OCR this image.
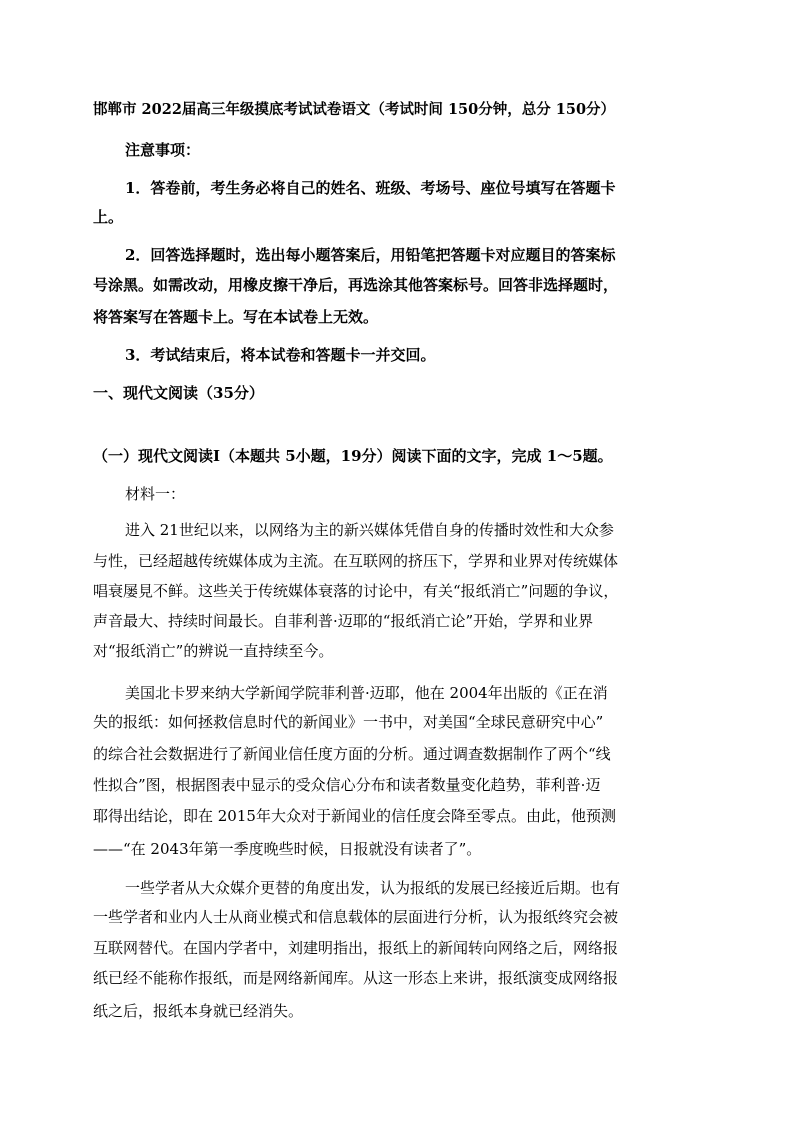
邯郸市 2022届高三年级摸底考试试卷语文（考试时间 150分钟，总分 150分）
注意事项：
1．答卷前，考生务必将自己的姓名、班级、考场号、座位号填写在答题卡
上。
2．回答选择题时，选出每小题答案后，用铅笔把答题卡对应题目的答案标
号涂黑。如需改动，用橡皮擦干净后，再选涂其他答案标号。回答非选择题时，
将答案写在答题卡上。写在本试卷上无效。
3．考试结束后，将本试卷和答题卡一并交回。
一、现代文阅读（35分）
（一）现代文阅读Ⅰ（本题共 5小题，19分）阅读下面的文字，完成 1～5题。
材料一：
进入 21世纪以来，以网络为主的新兴媒体凭借自身的传播时效性和大众参
与性，已经超越传统媒体成为主流。在互联网的挤压下，学界和业界对传统媒体
唱衰屡見不鲜。这些关于传统媒体衰落的讨论中，有关“报纸消亡”问题的争议，
声音最大、持续时间最长。自菲利普·迈耶的“报纸消亡论”开始，学界和业界
对“报纸消亡”的辨说一直持续至今。
美国北卡罗来纳大学新闻学院菲利普·迈耶，他在 2004年出版的《正在消
失的报纸：如何拯救信息时代的新闻业》一书中，对美国“全球民意研究中心”
的综合社会数据进行了新闻业信任度方面的分析。通过调查数据制作了两个“线
性拟合”图，根据图表中显示的受众信心分布和读者数量变化趋势，菲利普·迈
耶得出结论，即在 2015年大众对于新闻业的信任度会降至零点。由此，他预测
——“在 2043年第一季度晚些时候，日报就没有读者了”。
一些学者从大众媒介更替的角度出发，认为报纸的发展已经接近后期。也有
一些学者和业内人士从商业模式和信息载体的层面进行分析，认为报纸终究会被
互联网替代。在国内学者中，刘建明指出，报纸上的新闻转向网络之后，网络报
纸已经不能称作报纸，而是网络新闻库。从这一形态上来讲，报纸演变成网络报
纸之后，报纸本身就已经消失。
